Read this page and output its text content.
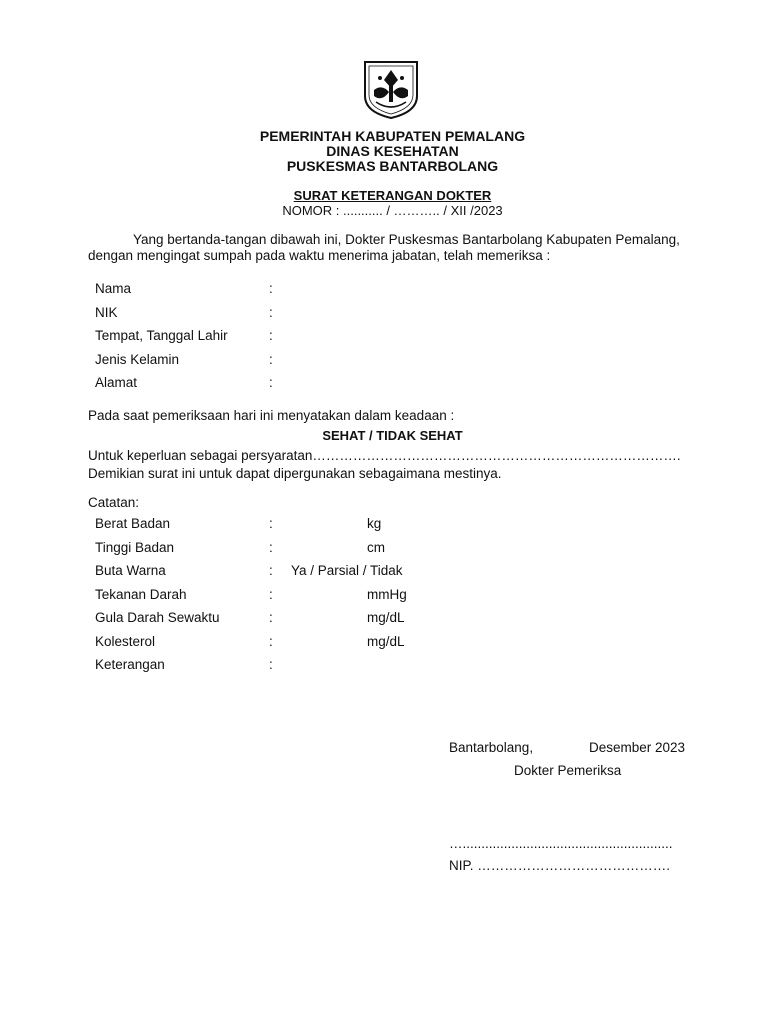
PEMERINTAH KABUPATEN PEMALANG
DINAS KESEHATAN
PUSKESMAS BANTARBOLANG
SURAT KETERANGAN DOKTER
NOMOR : ........... / ……….. / XII /2023
Yang bertanda-tangan dibawah ini, Dokter Puskesmas Bantarbolang Kabupaten Pemalang,
dengan mengingat sumpah pada waktu menerima jabatan, telah memeriksa :
Nama	:
NIK	:
Tempat, Tanggal Lahir	:
Jenis Kelamin	:
Alamat	:
Pada saat pemeriksaan hari ini menyatakan dalam keadaan :
SEHAT / TIDAK SEHAT
Untuk keperluan sebagai persyaratan……………………………………………………………………….
Demikian surat ini untuk dapat dipergunakan sebagaimana mestinya.
Catatan:
Berat Badan	:	kg
Tinggi Badan	:	cm
Buta Warna	: Ya / Parsial / Tidak
Tekanan Darah	:	mmHg
Gula Darah Sewaktu	:	mg/dL
Kolesterol	:	mg/dL
Keterangan	:
Bantarbolang,	Desember 2023
Dokter Pemeriksa
…........................................................
NIP. …………………………………….
